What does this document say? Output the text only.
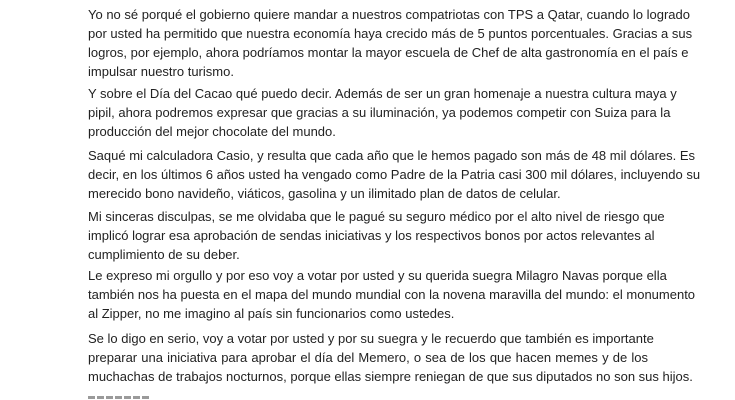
Yo no sé porqué el gobierno quiere mandar a nuestros compatriotas con TPS a Qatar, cuando lo logrado
por usted ha permitido que nuestra economía haya crecido más de 5 puntos porcentuales. Gracias a sus
logros, por ejemplo, ahora podríamos montar la mayor escuela de Chef de alta gastronomía en el país e
impulsar nuestro turismo.

Y sobre el Día del Cacao qué puedo decir. Además de ser un gran homenaje a nuestra cultura maya y
pipil, ahora podremos expresar que gracias a su iluminación, ya podemos competir con Suiza para la
producción del mejor chocolate del mundo.

Saqué mi calculadora Casio, y resulta que cada año que le hemos pagado son más de 48 mil dólares. Es
decir, en los últimos 6 años usted ha vengado como Padre de la Patria casi 300 mil dólares, incluyendo su
merecido bono navideño, viáticos, gasolina y un ilimitado plan de datos de celular.

Mi sinceras disculpas, se me olvidaba que le pagué su seguro médico por el alto nivel de riesgo que
implicó lograr esa aprobación de sendas iniciativas y los respectivos bonos por actos relevantes al
cumplimiento de su deber.

Le expreso mi orgullo y por eso voy a votar por usted y su querida suegra Milagro Navas porque ella
también nos ha puesta en el mapa del mundo mundial con la novena maravilla del mundo: el monumento
al Zipper, no me imagino al país sin funcionarios como ustedes.

Se lo digo en serio, voy a votar por usted y por su suegra y le recuerdo que también es importante
preparar una iniciativa para aprobar el día del Memero, o sea de los que hacen memes y de los
muchachas de trabajos nocturnos, porque ellas siempre reniegan de que sus diputados no son sus hijos.
